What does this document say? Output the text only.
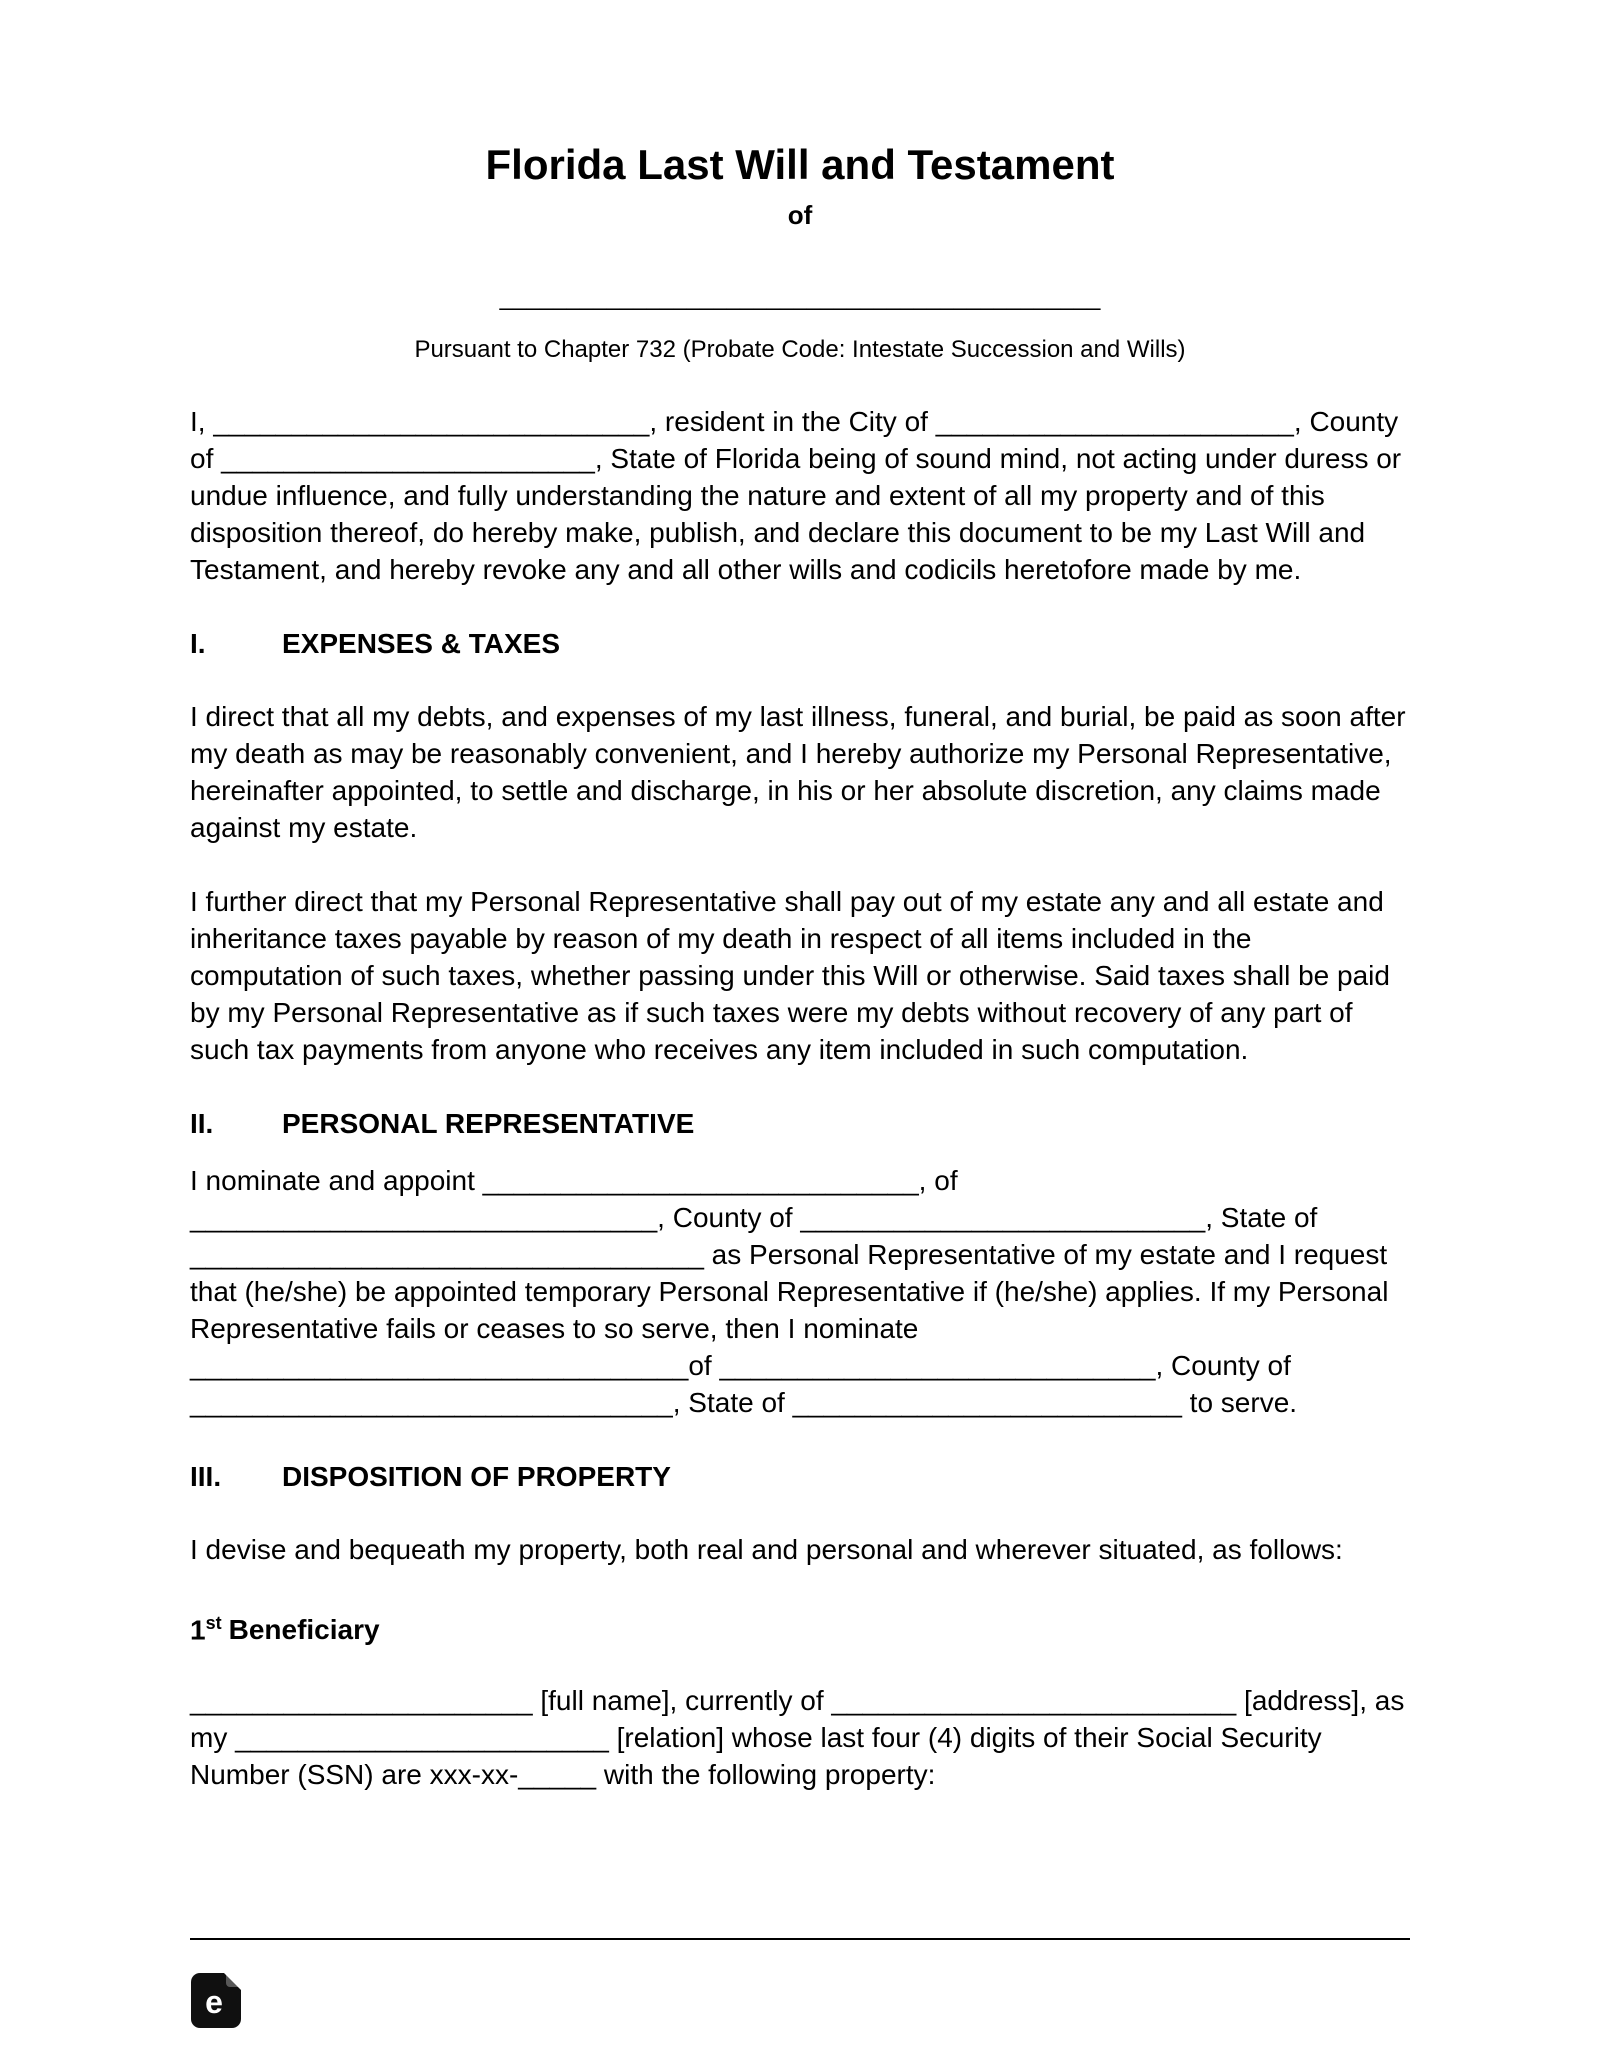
Florida Last Will and Testament
of
_____________________________________________
Pursuant to Chapter 732 (Probate Code: Intestate Succession and Wills)

I, ____________________________, resident in the City of _______________________, County of ________________________, State of Florida being of sound mind, not acting under duress or undue influence, and fully understanding the nature and extent of all my property and of this disposition thereof, do hereby make, publish, and declare this document to be my Last Will and Testament, and hereby revoke any and all other wills and codicils heretofore made by me.

I.	EXPENSES & TAXES

I direct that all my debts, and expenses of my last illness, funeral, and burial, be paid as soon after my death as may be reasonably convenient, and I hereby authorize my Personal Representative, hereinafter appointed, to settle and discharge, in his or her absolute discretion, any claims made against my estate.

I further direct that my Personal Representative shall pay out of my estate any and all estate and inheritance taxes payable by reason of my death in respect of all items included in the computation of such taxes, whether passing under this Will or otherwise. Said taxes shall be paid by my Personal Representative as if such taxes were my debts without recovery of any part of such tax payments from anyone who receives any item included in such computation.

II. PERSONAL REPRESENTATIVE

I nominate and appoint ____________________________, of ______________________________, County of __________________________, State of _________________________________ as Personal Representative of my estate and I request that (he/she) be appointed temporary Personal Representative if (he/she) applies. If my Personal Representative fails or ceases to so serve, then I nominate ________________________________of ____________________________, County of _______________________________, State of _________________________ to serve.

III. DISPOSITION OF PROPERTY

I devise and bequeath my property, both real and personal and wherever situated, as follows:

1st Beneficiary

______________________ [full name], currently of __________________________ [address], as my ________________________ [relation] whose last four (4) digits of their Social Security Number (SSN) are xxx-xx-_____ with the following property:

e
